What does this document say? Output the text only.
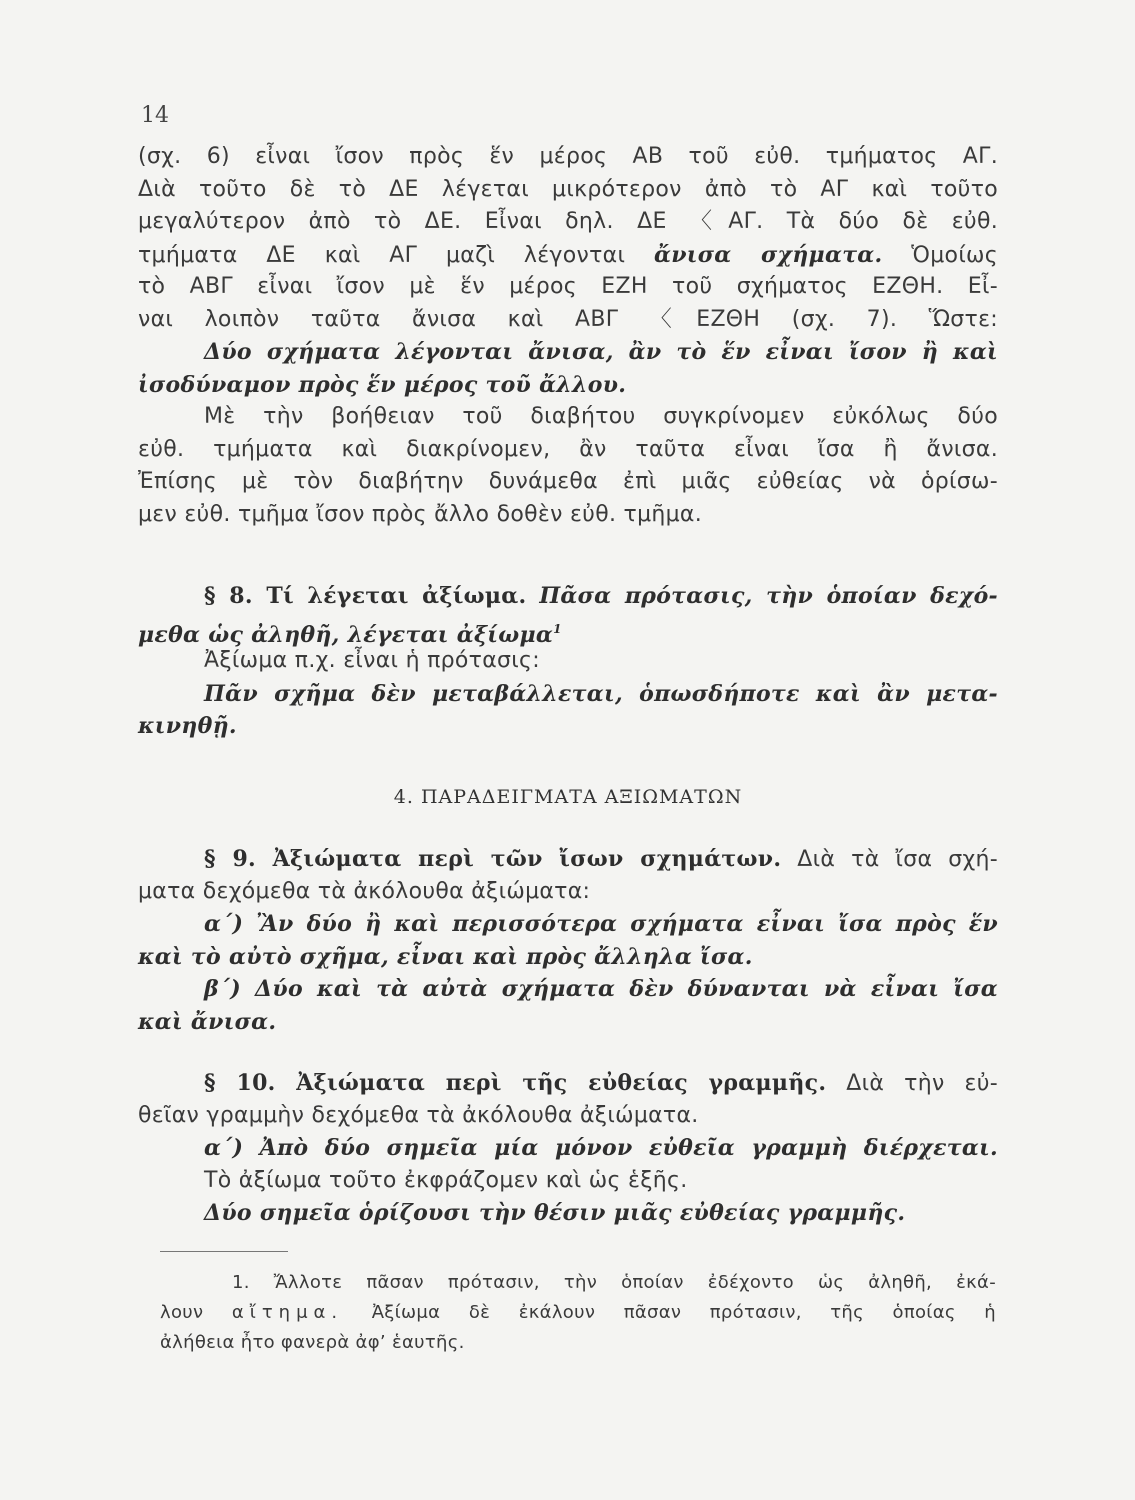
14
(σχ. 6) εἶναι ἴσον πρὸς ἕν μέρος ΑΒ τοῦ εὐθ. τμήματος ΑΓ.
Διὰ τοῦτο δὲ τὸ ΔΕ λέγεται μικρότερον ἀπὸ τὸ ΑΓ καὶ τοῦτο
μεγαλύτερον ἀπὸ τὸ ΔΕ. Εἶναι δηλ. ΔΕ 〈ΑΓ. Τὰ δύο δὲ εὐθ.
τμήματα ΔΕ καὶ ΑΓ μαζὶ λέγονται ἄνισα σχήματα. Ὁμοίως
τὸ ΑΒΓ εἶναι ἴσον μὲ ἕν μέρος ΕΖΗ τοῦ σχήματος ΕΖΘΗ. Εἶ-
ναι λοιπὸν ταῦτα ἄνισα καὶ ΑΒΓ 〈ΕΖΘΗ (σχ. 7). Ὥστε:
Δύο σχήματα λέγονται ἄνισα, ἂν τὸ ἕν εἶναι ἴσον ἢ καὶ
ἰσοδύναμον πρὸς ἕν μέρος τοῦ ἄλλου.
Μὲ τὴν βοήθειαν τοῦ διαβήτου συγκρίνομεν εὐκόλως δύο
εὐθ. τμήματα καὶ διακρίνομεν, ἂν ταῦτα εἶναι ἴσα ἢ ἄνισα.
Ἐπίσης μὲ τὸν διαβήτην δυνάμεθα ἐπὶ μιᾶς εὐθείας νὰ ὁρίσω-
μεν εὐθ. τμῆμα ἴσον πρὸς ἄλλο δοθὲν εὐθ. τμῆμα.
§ 8. Τί λέγεται ἀξίωμα. Πᾶσα πρότασις, τὴν ὁποίαν δεχό-
μεθα ὡς ἀληθῆ, λέγεται ἀξίωμα$^1$
Ἀξίωμα π.χ. εἶναι ἡ πρότασις:
Πᾶν σχῆμα δὲν μεταβάλλεται, ὁπωσδήποτε καὶ ἂν μετα-
κινηθῇ.
4. ΠΑΡΑΔΕΙΓΜΑΤΑ ΑΞΙΩΜΑΤΩΝ
§ 9. Ἀξιώματα περὶ τῶν ἴσων σχημάτων. Διὰ τὰ ἴσα σχή-
ματα δεχόμεθα τὰ ἀκόλουθα ἀξιώματα:
α΄) Ἂν δύο ἢ καὶ περισσότερα σχήματα εἶναι ἴσα πρὸς ἕν
καὶ τὸ αὐτὸ σχῆμα, εἶναι καὶ πρὸς ἄλληλα ἴσα.
β΄) Δύο καὶ τὰ αὐτὰ σχήματα δὲν δύνανται νὰ εἶναι ἴσα
καὶ ἄνισα.
§ 10. Ἀξιώματα περὶ τῆς εὐθείας γραμμῆς. Διὰ τὴν εὐ-
θεῖαν γραμμὴν δεχόμεθα τὰ ἀκόλουθα ἀξιώματα.
α΄) Ἀπὸ δύο σημεῖα μία μόνον εὐθεῖα γραμμὴ διέρχεται.
Τὸ ἀξίωμα τοῦτο ἐκφράζομεν καὶ ὡς ἑξῆς.
Δύο σημεῖα ὁρίζουσι τὴν θέσιν μιᾶς εὐθείας γραμμῆς.
1. Ἄλλοτε πᾶσαν πρότασιν, τὴν ὁποίαν ἐδέχοντο ὡς ἀληθῆ, ἐκά-
λουν αἴτημα. Ἀξίωμα δὲ ἐκάλουν πᾶσαν πρότασιν, τῆς ὁποίας ἡ
ἀλήθεια ἦτο φανερὰ ἀφ’ ἑαυτῆς.
